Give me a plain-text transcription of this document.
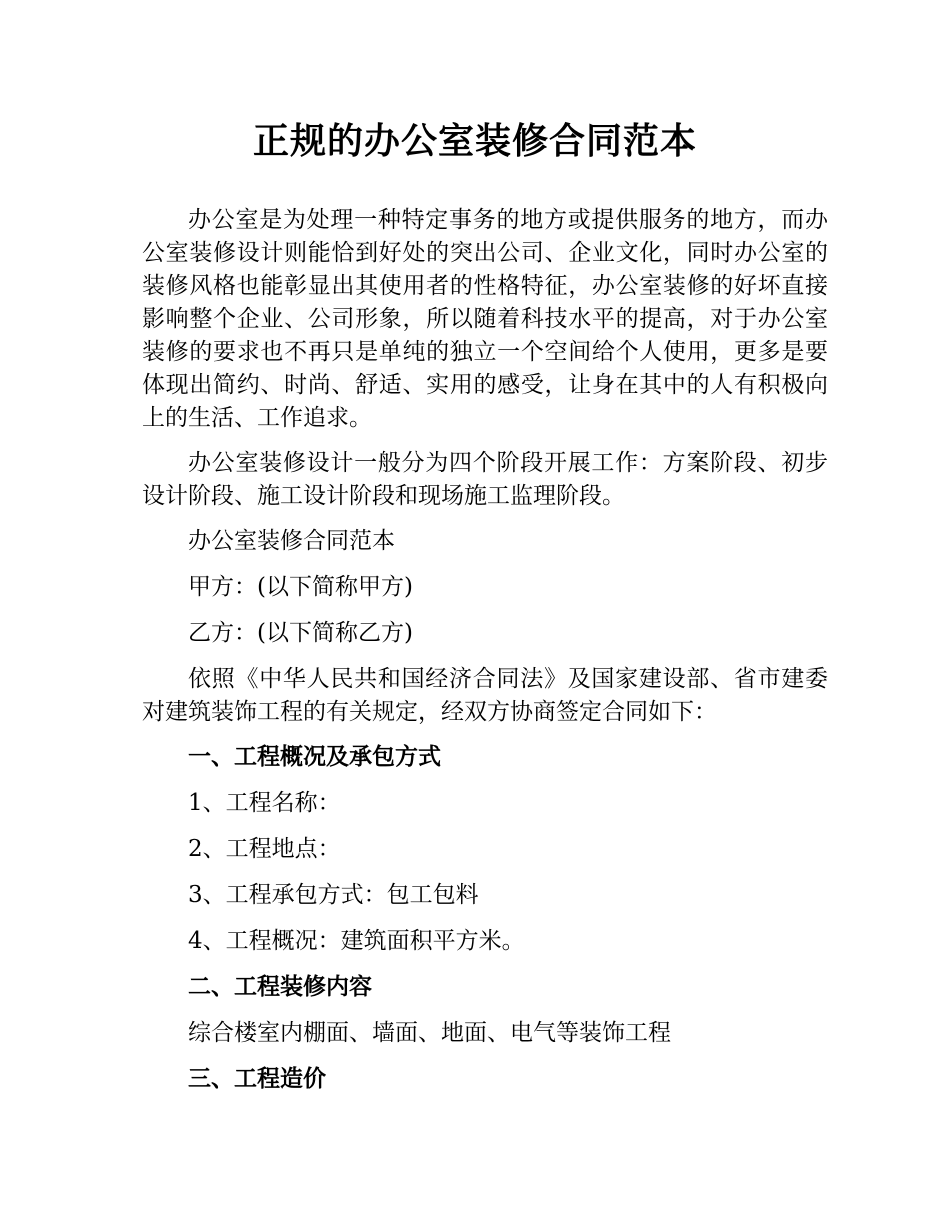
正规的办公室装修合同范本

办公室是为处理一种特定事务的地方或提供服务的地方，而办公室装修设计则能恰到好处的突出公司、企业文化，同时办公室的装修风格也能彰显出其使用者的性格特征，办公室装修的好坏直接影响整个企业、公司形象，所以随着科技水平的提高，对于办公室装修的要求也不再只是单纯的独立一个空间给个人使用，更多是要体现出简约、时尚、舒适、实用的感受，让身在其中的人有积极向上的生活、工作追求。

办公室装修设计一般分为四个阶段开展工作：方案阶段、初步设计阶段、施工设计阶段和现场施工监理阶段。

办公室装修合同范本

甲方：(以下简称甲方)

乙方：(以下简称乙方)

依照《中华人民共和国经济合同法》及国家建设部、省市建委对建筑装饰工程的有关规定，经双方协商签定合同如下：

一、工程概况及承包方式

1、工程名称：

2、工程地点：

3、工程承包方式：包工包料

4、工程概况：建筑面积平方米。

二、工程装修内容

综合楼室内棚面、墙面、地面、电气等装饰工程

三、工程造价
